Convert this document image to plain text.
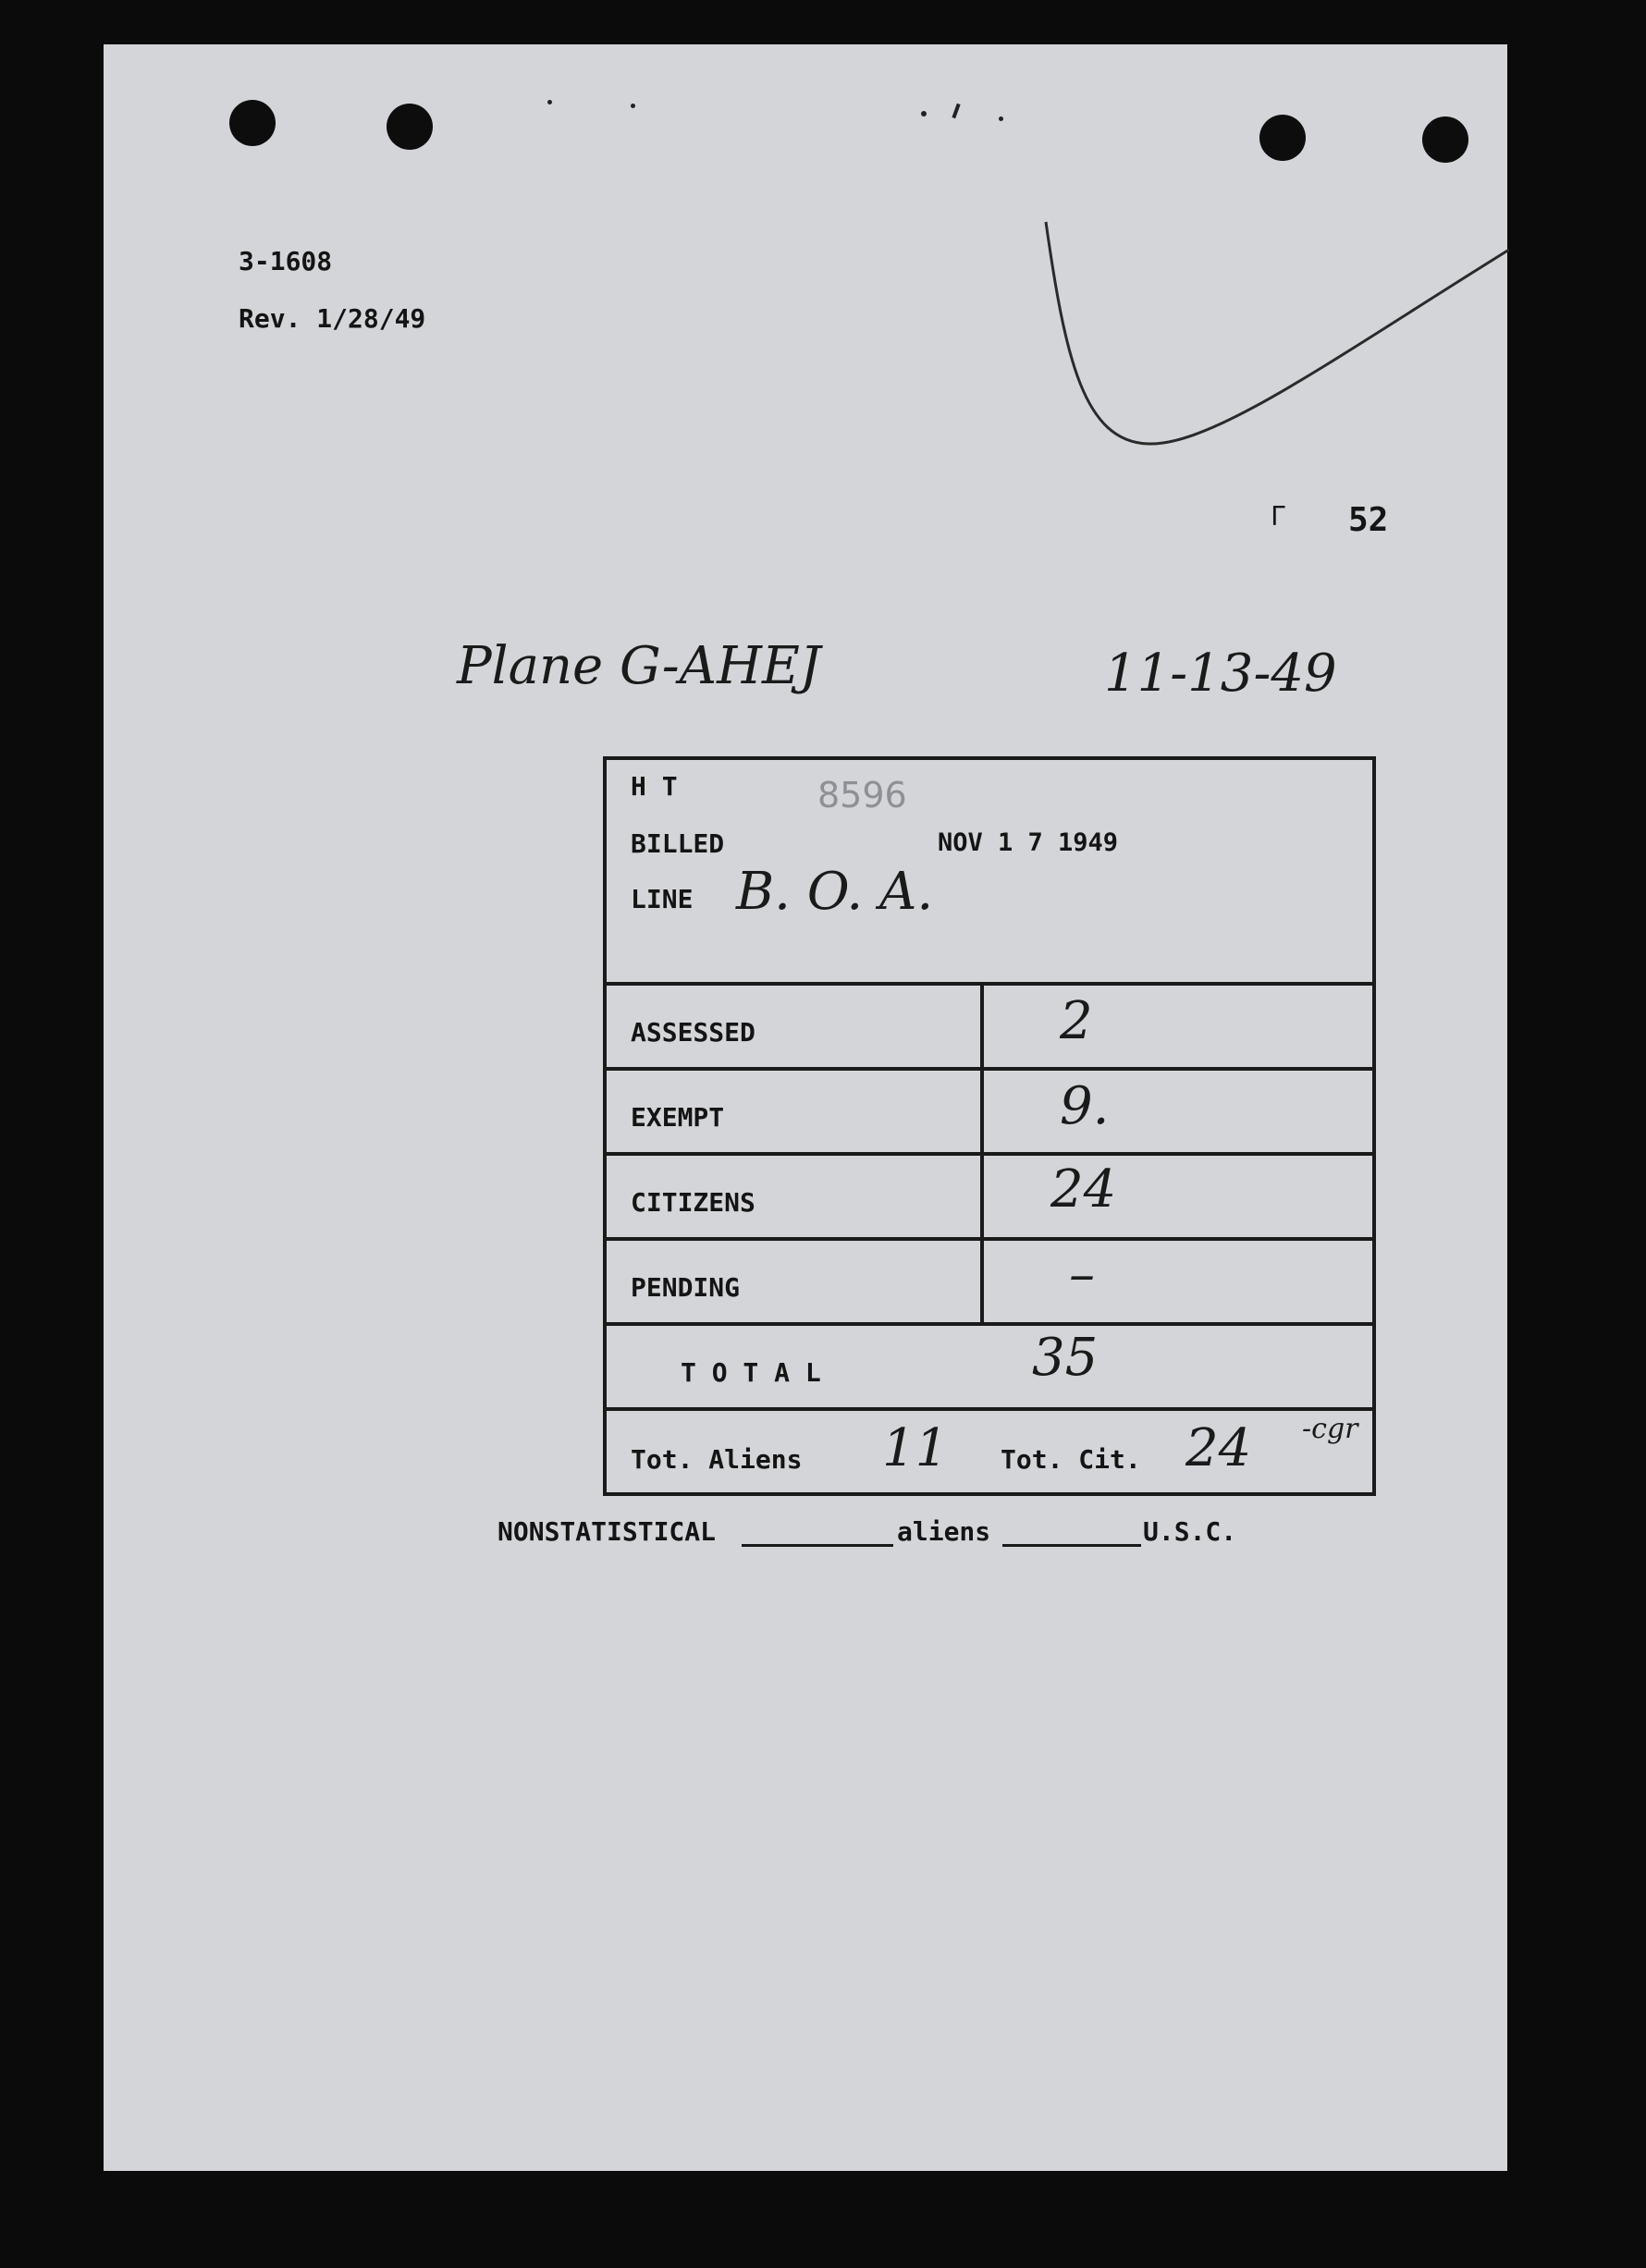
3-1608
Rev. 1/28/49
Γ 52
Plane G-AHEJ	11-13-49
H T	8596
BILLED	NOV 1 7 1949
LINE B. O. A.
ASSESSED	2
EXEMPT	9.
CITIZENS	24
PENDING	–
T O T A L	35
Tot. Aliens 11 Tot. Cit. 24 -cgr
NONSTATISTICAL	aliens	U.S.C.
